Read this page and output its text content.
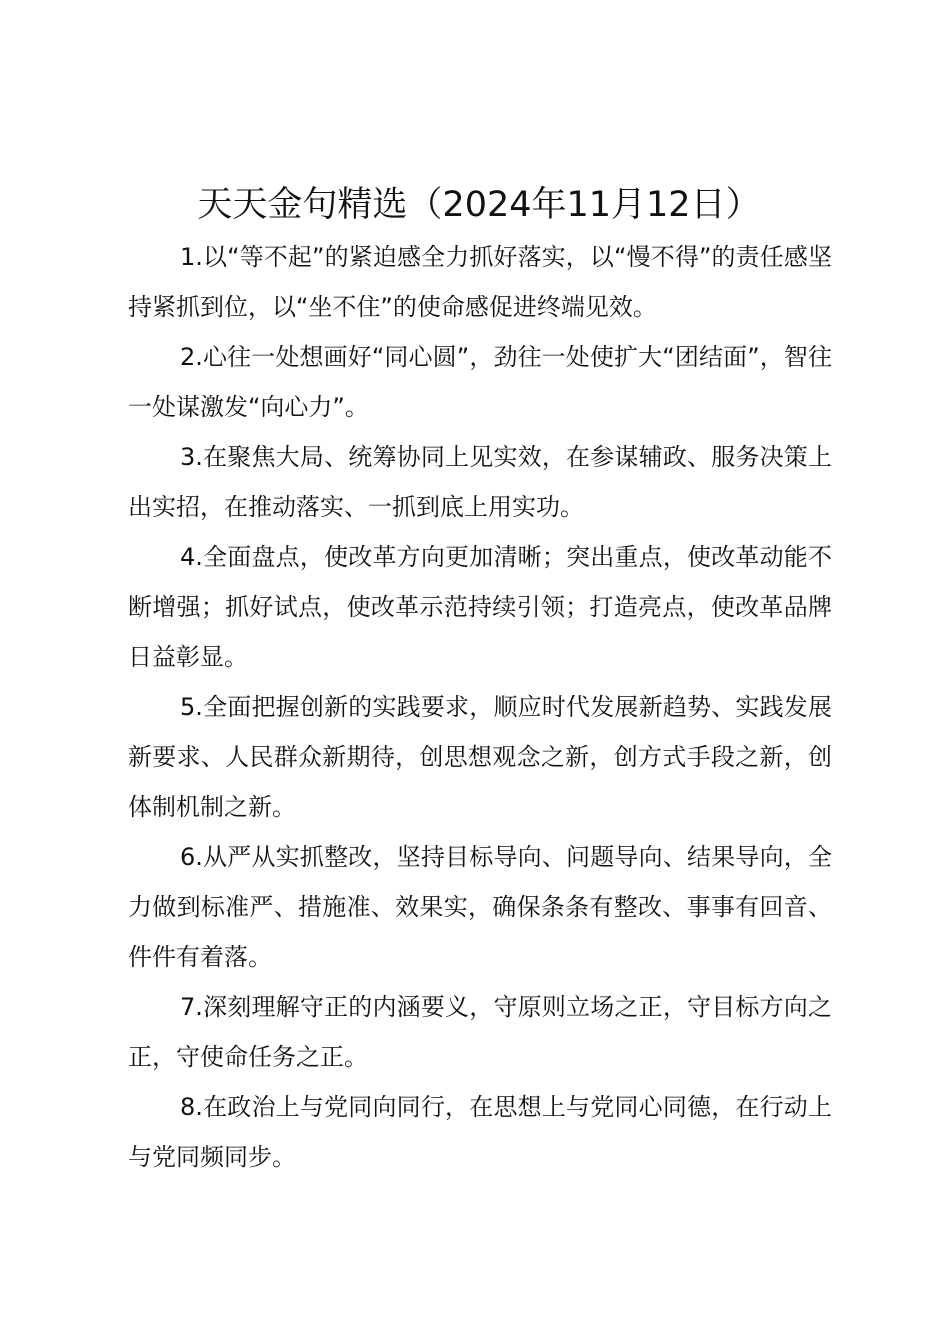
天天金句精选（2024年11月12日）

1.以“等不起”的紧迫感全力抓好落实，以“慢不得”的责任感坚持紧抓到位，以“坐不住”的使命感促进终端见效。

2.心往一处想画好“同心圆”，劲往一处使扩大“团结面”，智往一处谋激发“向心力”。

3.在聚焦大局、统筹协同上见实效，在参谋辅政、服务决策上出实招，在推动落实、一抓到底上用实功。

4.全面盘点，使改革方向更加清晰；突出重点，使改革动能不断增强；抓好试点，使改革示范持续引领；打造亮点，使改革品牌日益彰显。

5.全面把握创新的实践要求，顺应时代发展新趋势、实践发展新要求、人民群众新期待，创思想观念之新，创方式手段之新，创体制机制之新。

6.从严从实抓整改，坚持目标导向、问题导向、结果导向，全力做到标准严、措施准、效果实，确保条条有整改、事事有回音、件件有着落。

7.深刻理解守正的内涵要义，守原则立场之正，守目标方向之正，守使命任务之正。

8.在政治上与党同向同行，在思想上与党同心同德，在行动上与党同频同步。
